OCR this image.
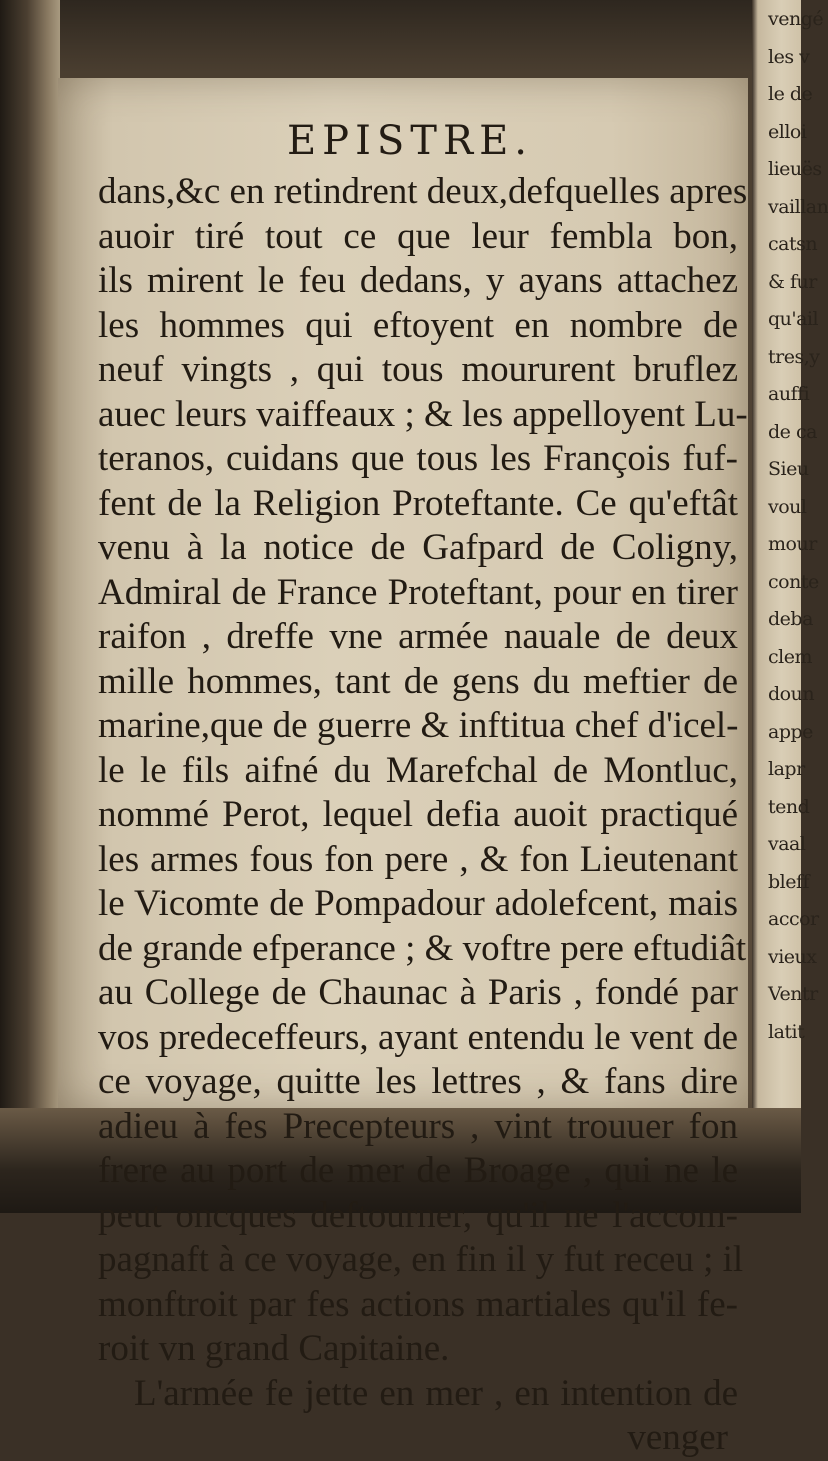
vengé
les v
le de
elloi
lieuës
vaillan
catsn
& fur
qu'ail
tres,y
auffi
de ca
Sieu
voul
mour
conte
deba
clem
doun
appe
lapr
tend
vaal
bleff
accor
vieux
Ventr
latit
EPISTRE.
dans,&c en retindrent deux,defquelles apres
auoir tiré tout ce que leur fembla bon,
ils mirent le feu dedans, y ayans attachez
les hommes qui eftoyent en nombre de
neuf vingts , qui tous moururent bruflez
auec leurs vaiffeaux ; & les appelloyent Lu-
teranos, cuidans que tous les François fuf-
fent de la Religion Proteftante. Ce qu'eftât
venu à la notice de Gafpard de Coligny,
Admiral de France Proteftant, pour en tirer
raifon , dreffe vne armée nauale de deux
mille hommes, tant de gens du meftier de
marine,que de guerre & inftitua chef d'icel-
le le fils aifné du Marefchal de Montluc,
nommé Perot, lequel defia auoit practiqué
les armes fous fon pere , & fon Lieutenant
le Vicomte de Pompadour adolefcent, mais
de grande efperance ; & voftre pere eftudiât
au College de Chaunac à Paris , fondé par
vos predeceffeurs, ayant entendu le vent de
ce voyage, quitte les lettres , & fans dire
adieu à fes Precepteurs , vint trouuer fon
frere au port de mer de Broage , qui ne le
peut oncques deftourner, qu'il ne l'accom-
pagnaft à ce voyage, en fin il y fut receu ; il
monftroit par fes actions martiales qu'il fe-
roit vn grand Capitaine.
L'armée fe jette en mer , en intention de
venger
